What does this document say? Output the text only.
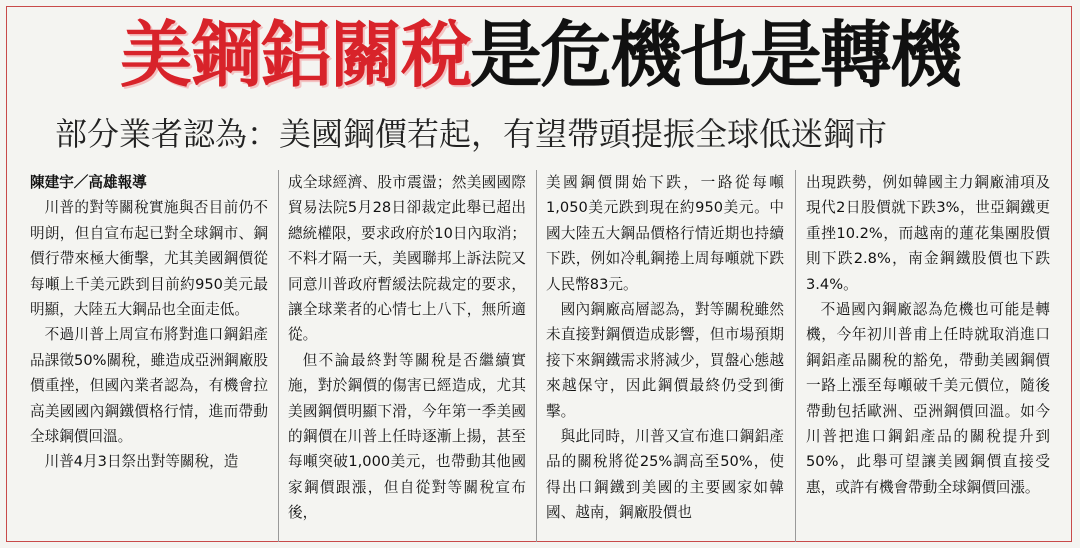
美鋼鋁關稅是危機也是轉機
部分業者認為：美國鋼價若起，有望帶頭提振全球低迷鋼市

陳建宇／高雄報導

川普的對等關稅實施與否目前仍不明朗，但自宣布起已對全球鋼市、鋼價行帶來極大衝擊，尤其美國鋼價從每噸上千美元跌到目前約950美元最明顯，大陸五大鋼品也全面走低。

不過川普上周宣布將對進口鋼鋁產品課徵50%關稅，雖造成亞洲鋼廠股價重挫，但國內業者認為，有機會拉高美國國內鋼鐵價格行情，進而帶動全球鋼價回溫。

川普4月3日祭出對等關稅，造

成全球經濟、股市震盪；然美國國際貿易法院5月28日卻裁定此舉已超出總統權限，要求政府於10日內取消；不料才隔一天，美國聯邦上訴法院又同意川普政府暫緩法院裁定的要求，讓全球業者的心情七上八下，無所適從。

但不論最終對等關稅是否繼續實施，對於鋼價的傷害已經造成，尤其美國鋼價明顯下滑，今年第一季美國的鋼價在川普上任時逐漸上揚，甚至每噸突破1,000美元，也帶動其他國家鋼價跟漲，但自從對等關稅宣布後，

美國鋼價開始下跌，一路從每噸1,050美元跌到現在約950美元。中國大陸五大鋼品價格行情近期也持續下跌，例如冷軋鋼捲上周每噸就下跌人民幣83元。

國內鋼廠高層認為，對等關稅雖然未直接對鋼價造成影響，但市場預期接下來鋼鐵需求將減少，買盤心態越來越保守，因此鋼價最終仍受到衝擊。

與此同時，川普又宣布進口鋼鋁產品的關稅將從25%調高至50%，使得出口鋼鐵到美國的主要國家如韓國、越南，鋼廠股價也

出現跌勢，例如韓國主力鋼廠浦項及現代2日股價就下跌3%，世亞鋼鐵更重挫10.2%，而越南的蓮花集團股價則下跌2.8%，南金鋼鐵股價也下跌3.4%。

不過國內鋼廠認為危機也可能是轉機，今年初川普甫上任時就取消進口鋼鋁產品關稅的豁免，帶動美國鋼價一路上漲至每噸破千美元價位，隨後帶動包括歐洲、亞洲鋼價回溫。如今川普把進口鋼鋁產品的關稅提升到50%，此舉可望讓美國鋼價直接受惠，或許有機會帶動全球鋼價回漲。
